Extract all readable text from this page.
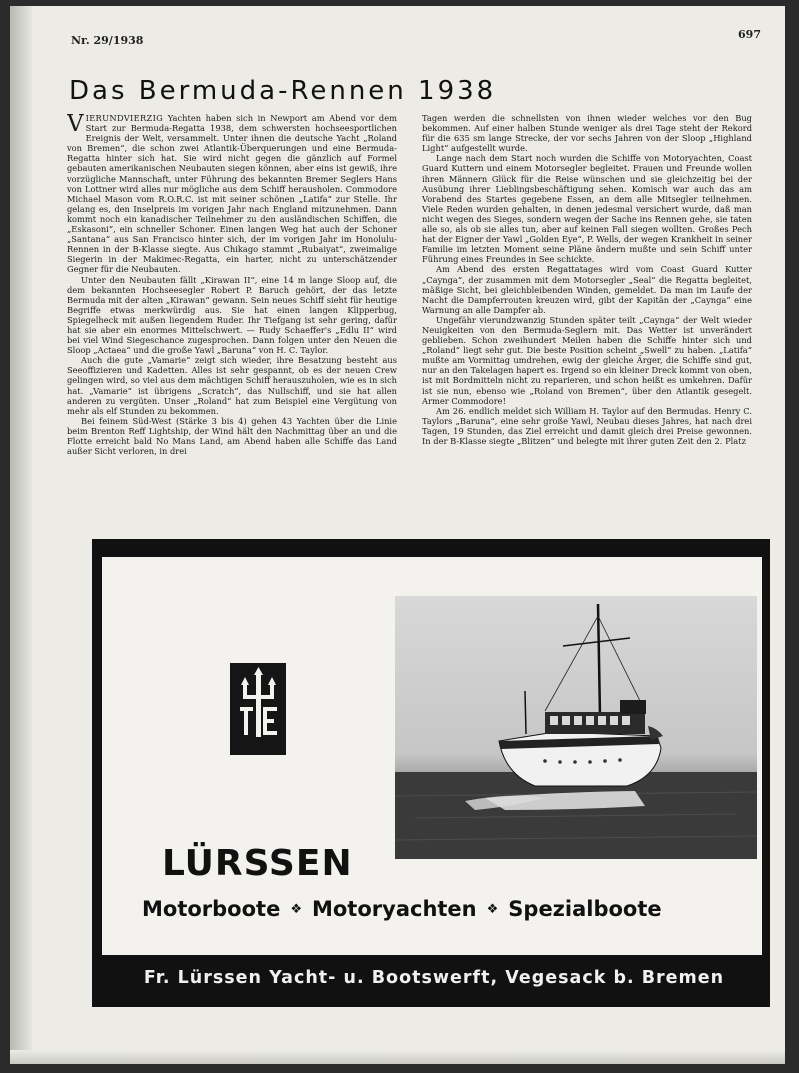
Nr. 29/1938	697
Das Bermuda-Rennen 1938

VIERUNDVIERZIG Yachten haben sich in Newport am Abend vor dem Start zur Bermuda-Regatta 1938, dem schwersten hochseesportlichen Ereignis der Welt, versammelt. Unter ihnen die deutsche Yacht „Roland von Bremen“, die schon zwei Atlantik-Überquerungen und eine Bermuda-Regatta hinter sich hat. Sie wird nicht gegen die gänzlich auf Formel gebauten amerikanischen Neubauten siegen können, aber eins ist gewiß, ihre vorzügliche Mannschaft, unter Führung des bekannten Bremer Seglers Hans von Lottner wird alles nur mögliche aus dem Schiff herausholen. Commodore Michael Mason vom R.O.R.C. ist mit seiner schönen „Latifa“ zur Stelle. Ihr gelang es, den Inselpreis im vorigen Jahr nach England mitzunehmen. Dann kommt noch ein kanadischer Teilnehmer zu den ausländischen Schiffen, die „Eskasoni“, ein schneller Schoner. Einen langen Weg hat auch der Schoner „Santana“ aus San Francisco hinter sich, der im vorigen Jahr im Honolulu-Rennen in der B-Klasse siegte. Aus Chikago stammt „Rubaiyat“, zweimalige Siegerin in der Makimec-Regatta, ein harter, nicht zu unterschätzender Gegner für die Neubauten.

Unter den Neubauten fällt „Kirawan II“, eine 14 m lange Sloop auf, die dem bekannten Hochseesegler Robert P. Baruch gehört, der das letzte Bermuda mit der alten „Kirawan“ gewann. Sein neues Schiff sieht für heutige Begriffe etwas merkwürdig aus. Sie hat einen langen Klipperbug, Spiegelheck mit außen liegendem Ruder. Ihr Tiefgang ist sehr gering, dafür hat sie aber ein enormes Mittelschwert. — Rudy Schaeffer's „Edlu II“ wird bei viel Wind Siegeschance zugesprochen. Dann folgen unter den Neuen die Sloop „Actaea“ und die große Yawl „Baruna“ von H. C. Taylor.

Auch die gute „Vamarie“ zeigt sich wieder, ihre Besatzung besteht aus Seeoffizieren und Kadetten. Alles ist sehr gespannt, ob es der neuen Crew gelingen wird, so viel aus dem mächtigen Schiff herauszuholen, wie es in sich hat. „Vamarie“ ist übrigens „Scratch“, das Nullschiff, und sie hat allen anderen zu vergüten. Unser „Roland“ hat zum Beispiel eine Vergütung von mehr als elf Stunden zu bekommen.

Bei feinem Süd-West (Stärke 3 bis 4) gehen 43 Yachten über die Linie beim Brenton Reff Lightship, der Wind hält den Nachmittag über an und die Flotte erreicht bald No Mans Land, am Abend haben alle Schiffe das Land außer Sicht verloren, in drei

Tagen werden die schnellsten von ihnen wieder welches vor den Bug bekommen. Auf einer halben Stunde weniger als drei Tage steht der Rekord für die 635 sm lange Strecke, der vor sechs Jahren von der Sloop „Highland Light“ aufgestellt wurde.

Lange nach dem Start noch wurden die Schiffe von Motoryachten, Coast Guard Kuttern und einem Motorsegler begleitet. Frauen und Freunde wollen ihren Männern Glück für die Reise wünschen und sie gleichzeitig bei der Ausübung ihrer Lieblingsbeschäftigung sehen. Komisch war auch das am Vorabend des Startes gegebene Essen, an dem alle Mitsegler teilnehmen. Viele Reden wurden gehalten, in denen jedesmal versichert wurde, daß man nicht wegen des Sieges, sondern wegen der Sache ins Rennen gehe, sie taten alle so, als ob sie alles tun, aber auf keinen Fall siegen wollten. Großes Pech hat der Eigner der Yawl „Golden Eye“, P. Wells, der wegen Krankheit in seiner Familie im letzten Moment seine Pläne ändern mußte und sein Schiff unter Führung eines Freundes in See schickte.

Am Abend des ersten Regattatages wird vom Coast Guard Kutter „Caynga“, der zusammen mit dem Motorsegler „Seal“ die Regatta begleitet, mäßige Sicht, bei gleichbleibenden Winden, gemeldet. Da man im Laufe der Nacht die Dampferrouten kreuzen wird, gibt der Kapitän der „Caynga“ eine Warnung an alle Dampfer ab.

Ungefähr vierundzwanzig Stunden später teilt „Caynga“ der Welt wieder Neuigkeiten von den Bermuda-Seglern mit. Das Wetter ist unverändert geblieben. Schon zweihundert Meilen haben die Schiffe hinter sich und „Roland“ liegt sehr gut. Die beste Position scheint „Swell“ zu haben. „Latifa“ mußte am Vormittag umdrehen, ewig der gleiche Ärger, die Schiffe sind gut, nur an den Takelagen hapert es. Irgend so ein kleiner Dreck kommt von oben, ist mit Bordmitteln nicht zu reparieren, und schon heißt es umkehren. Dafür ist sie nun, ebenso wie „Roland von Bremen“, über den Atlantik gesegelt. Armer Commodore!

Am 26. endlich meldet sich William H. Taylor auf den Bermudas. Henry C. Taylors „Baruna“, eine sehr große Yawl, Neubau dieses Jahres, hat nach drei Tagen, 19 Stunden, das Ziel erreicht und damit gleich drei Preise gewonnen. In der B-Klasse siegte „Blitzen“ und belegte mit ihrer guten Zeit den 2. Platz

LÜRSSEN
Motorboote ❖ Motoryachten ❖ Spezialboote
Fr. Lürssen Yacht- u. Bootswerft, Vegesack b. Bremen
